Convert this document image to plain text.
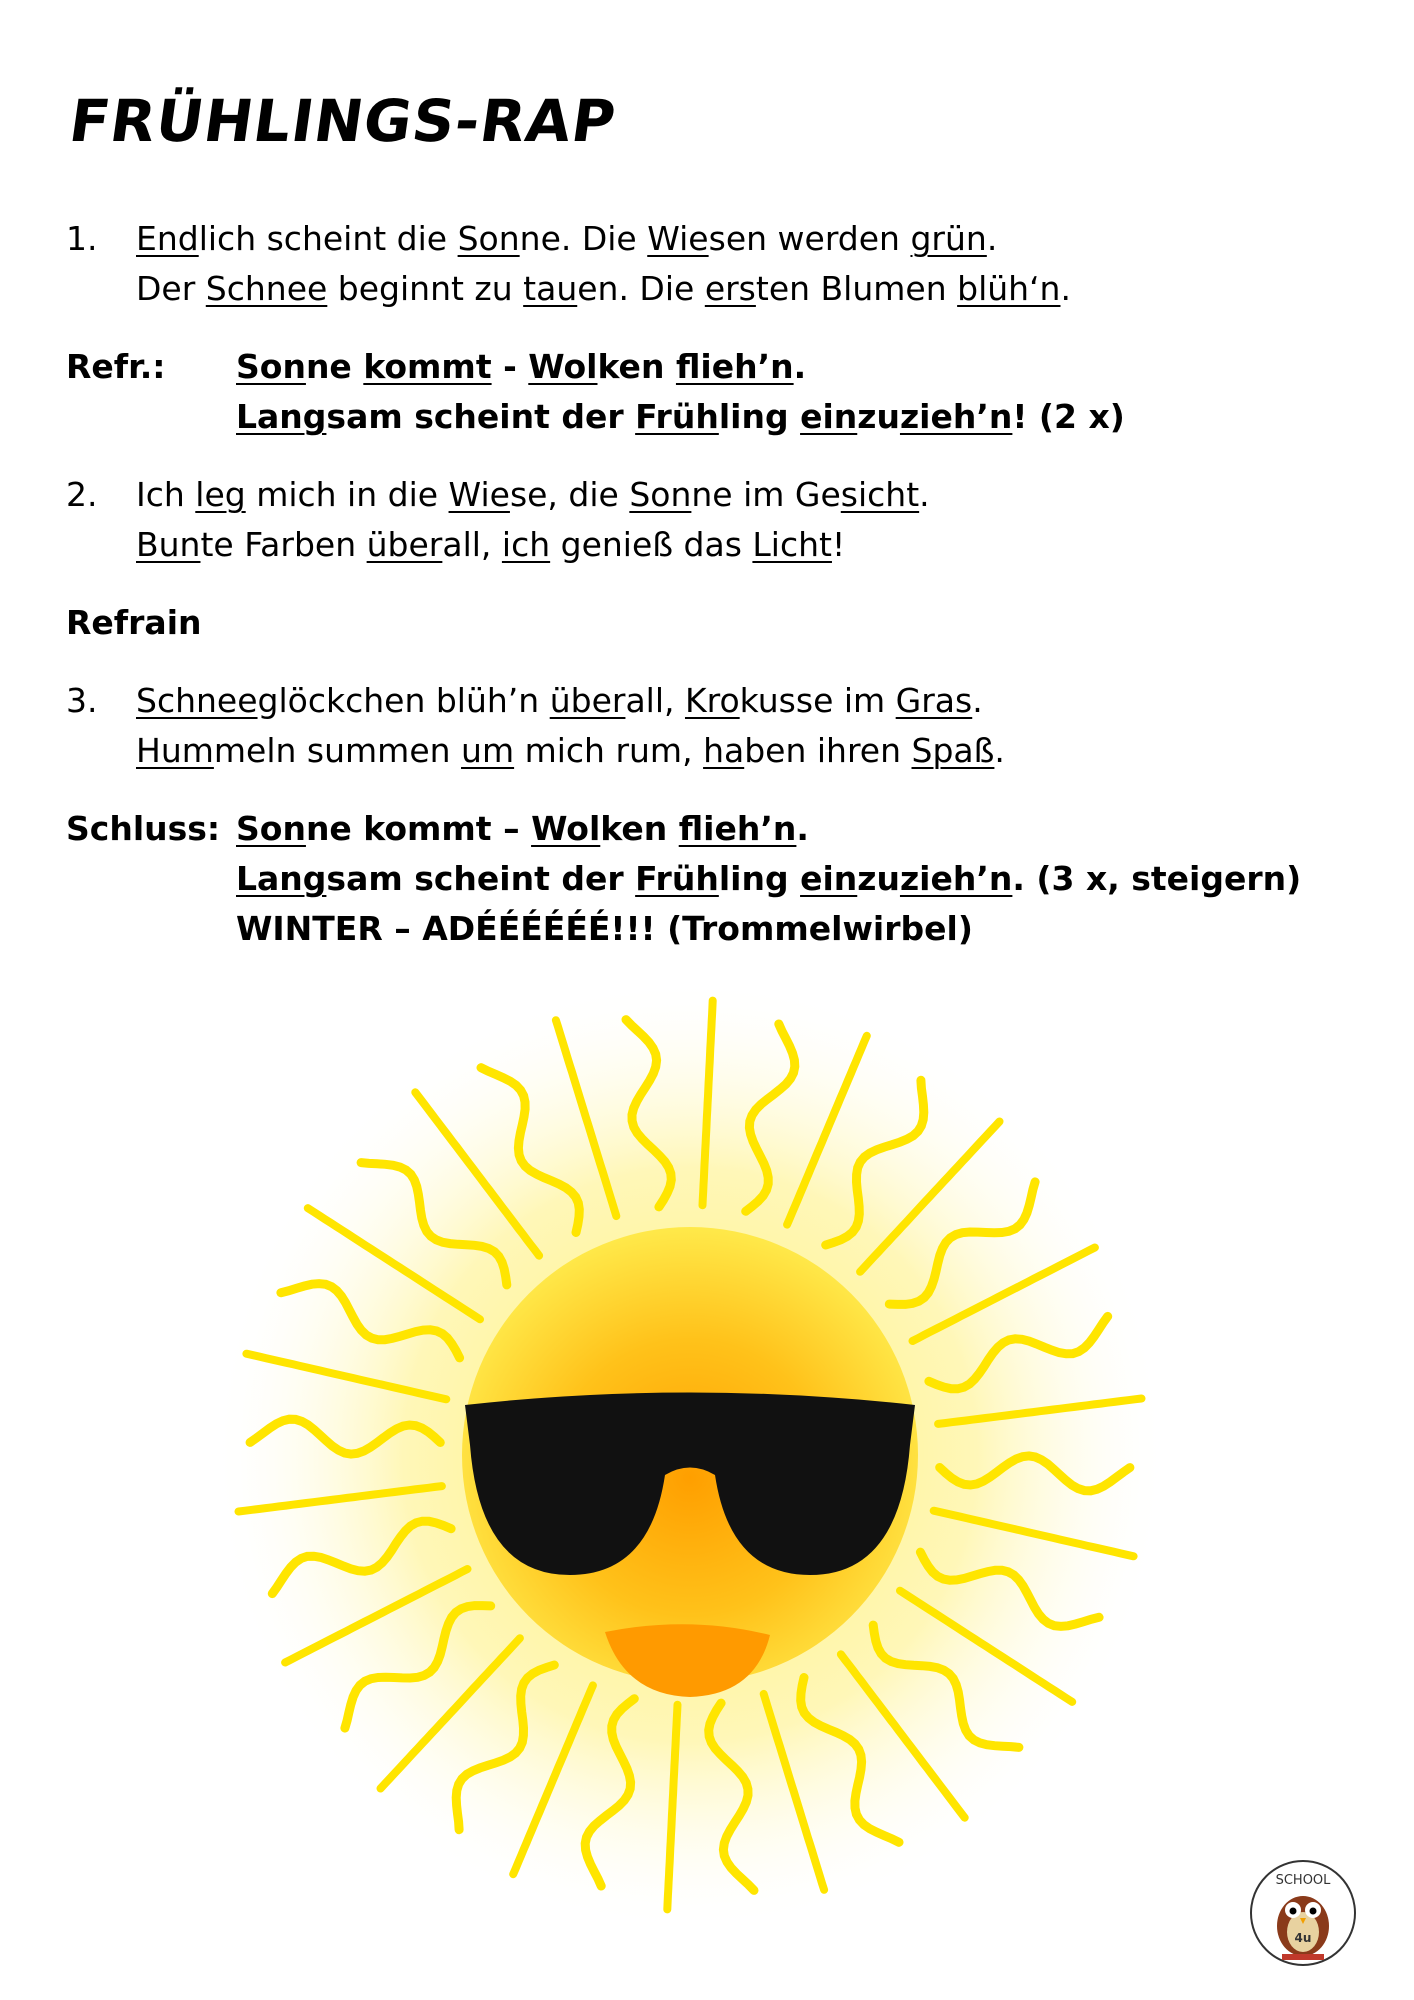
FRÜHLINGS-RAP
1.	Endlich scheint die Sonne. Die Wiesen werden grün.
Der Schnee beginnt zu tauen. Die ersten Blumen blüh‘n.
Refr.:	Sonne kommt - Wolken flieh’n.
Langsam scheint der Frühling einzuzieh’n! (2 x)
2.	Ich leg mich in die Wiese, die Sonne im Gesicht.
Bunte Farben überall, ich genieß das Licht!
Refrain
3.	Schneeglöckchen blüh’n überall, Krokusse im Gras.
Hummeln summen um mich rum, haben ihren Spaß.
Schluss: Sonne kommt – Wolken flieh’n.
Langsam scheint der Frühling einzuzieh’n. (3 x, steigern)
WINTER – ADÉÉÉÉÉÉ!!! (Trommelwirbel)
SCHOOL
4u
